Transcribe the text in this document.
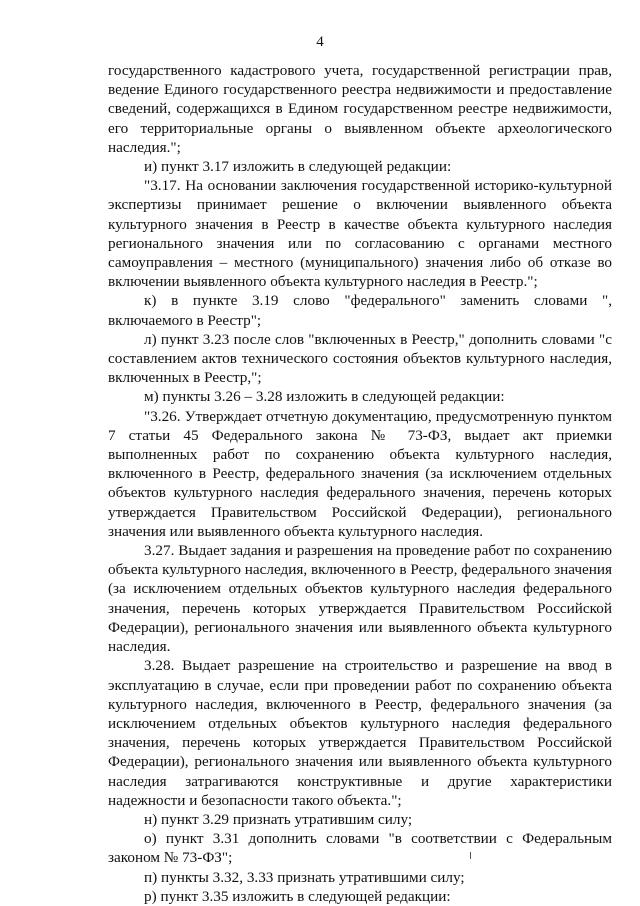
4

государственного кадастрового учета, государственной регистрации прав, ведение Единого государственного реестра недвижимости и предоставление сведений, содержащихся в Едином государственном реестре недвижимости, его территориальные органы о выявленном объекте археологического наследия.";

и) пункт 3.17 изложить в следующей редакции:

"3.17. На основании заключения государственной историко-культурной экспертизы принимает решение о включении выявленного объекта культурного значения в Реестр в качестве объекта культурного наследия регионального значения или по согласованию с органами местного самоуправления – местного (муниципального) значения либо об отказе во включении выявленного объекта культурного наследия в Реестр.";

к) в пункте 3.19 слово "федерального" заменить словами ", включаемого в Реестр";

л) пункт 3.23 после слов "включенных в Реестр," дополнить словами "с составлением актов технического состояния объектов культурного наследия, включенных в Реестр,";

м) пункты 3.26 – 3.28 изложить в следующей редакции:

"3.26. Утверждает отчетную документацию, предусмотренную пунктом 7 статьи 45 Федерального закона № 73-ФЗ, выдает акт приемки выполненных работ по сохранению объекта культурного наследия, включенного в Реестр, федерального значения (за исключением отдельных объектов культурного наследия федерального значения, перечень которых утверждается Правительством Российской Федерации), регионального значения или выявленного объекта культурного наследия.

3.27. Выдает задания и разрешения на проведение работ по сохранению объекта культурного наследия, включенного в Реестр, федерального значения (за исключением отдельных объектов культурного наследия федерального значения, перечень которых утверждается Правительством Российской Федерации), регионального значения или выявленного объекта культурного наследия.

3.28. Выдает разрешение на строительство и разрешение на ввод в эксплуатацию в случае, если при проведении работ по сохранению объекта культурного наследия, включенного в Реестр, федерального значения (за исключением отдельных объектов культурного наследия федерального значения, перечень которых утверждается Правительством Российской Федерации), регионального значения или выявленного объекта культурного наследия затрагиваются конструктивные и другие характеристики надежности и безопасности такого объекта.";

н) пункт 3.29 признать утратившим силу;

о) пункт 3.31 дополнить словами "в соответствии с Федеральным законом № 73-ФЗ";

п) пункты 3.32, 3.33 признать утратившими силу;

р) пункт 3.35 изложить в следующей редакции:
